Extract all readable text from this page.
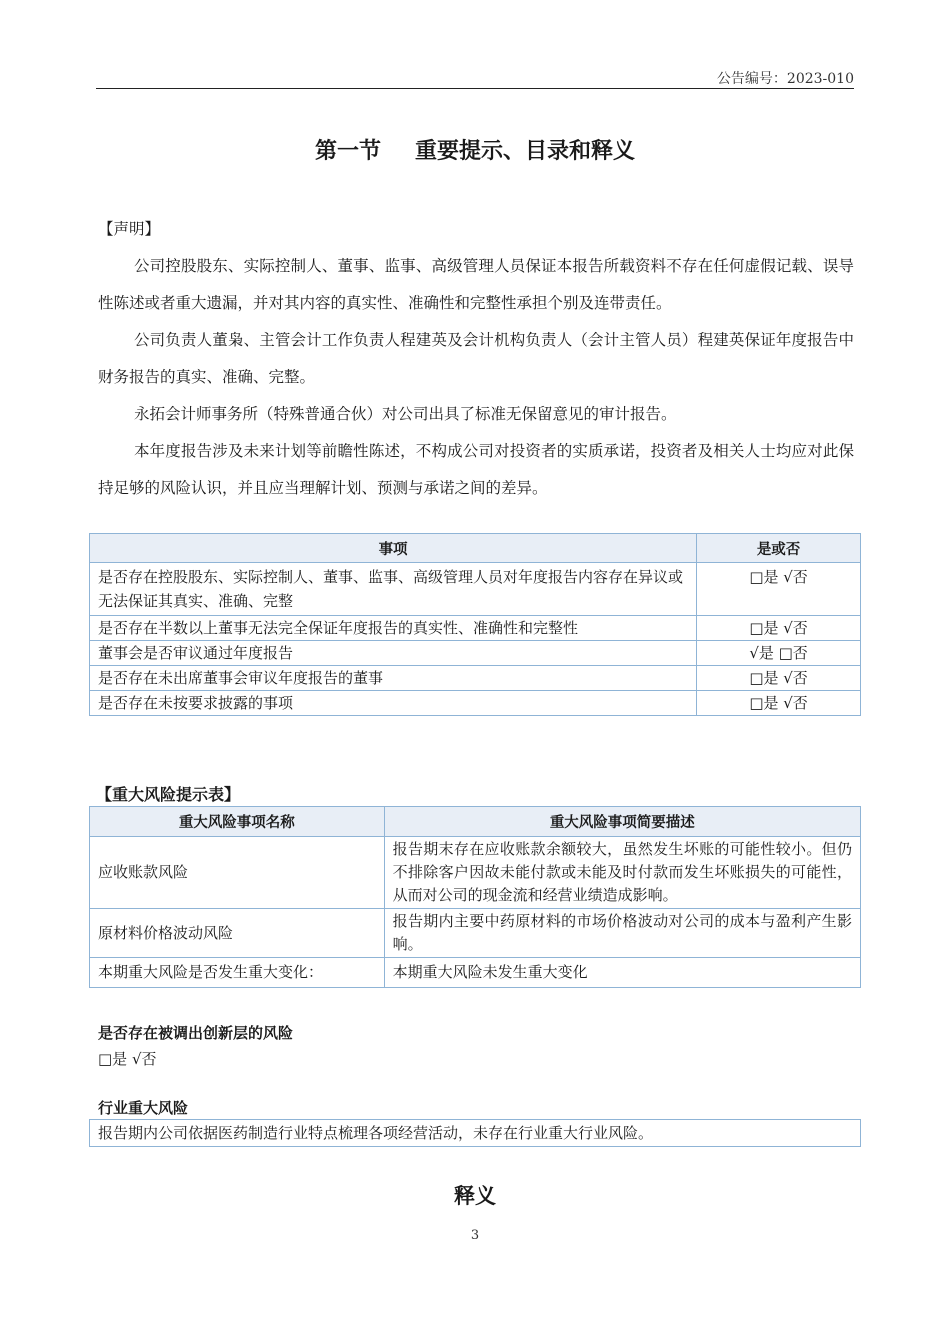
公告编号：2023-010
第一节 重要提示、目录和释义
【声明】
公司控股股东、实际控制人、董事、监事、高级管理人员保证本报告所载资料不存在任何虚假记载、误导性陈述或者重大遗漏，并对其内容的真实性、准确性和完整性承担个别及连带责任。
公司负责人董枭、主管会计工作负责人程建英及会计机构负责人（会计主管人员）程建英保证年度报告中财务报告的真实、准确、完整。
永拓会计师事务所（特殊普通合伙）对公司出具了标准无保留意见的审计报告。
本年度报告涉及未来计划等前瞻性陈述，不构成公司对投资者的实质承诺，投资者及相关人士均应对此保持足够的风险认识，并且应当理解计划、预测与承诺之间的差异。
事项	是或否
是否存在控股股东、实际控制人、董事、监事、高级管理人员对年度报告内容存在异议或无法保证其真实、准确、完整	□是 √否
是否存在半数以上董事无法完全保证年度报告的真实性、准确性和完整性	□是 √否
董事会是否审议通过年度报告	√是 □否
是否存在未出席董事会审议年度报告的董事	□是 √否
是否存在未按要求披露的事项	□是 √否
【重大风险提示表】
重大风险事项名称	重大风险事项简要描述
应收账款风险	报告期末存在应收账款余额较大，虽然发生坏账的可能性较小。但仍不排除客户因故未能付款或未能及时付款而发生坏账损失的可能性，从而对公司的现金流和经营业绩造成影响。
原材料价格波动风险	报告期内主要中药原材料的市场价格波动对公司的成本与盈利产生影响。
本期重大风险是否发生重大变化：	本期重大风险未发生重大变化
是否存在被调出创新层的风险
□是 √否
行业重大风险
报告期内公司依据医药制造行业特点梳理各项经营活动，未存在行业重大行业风险。
释义
3
